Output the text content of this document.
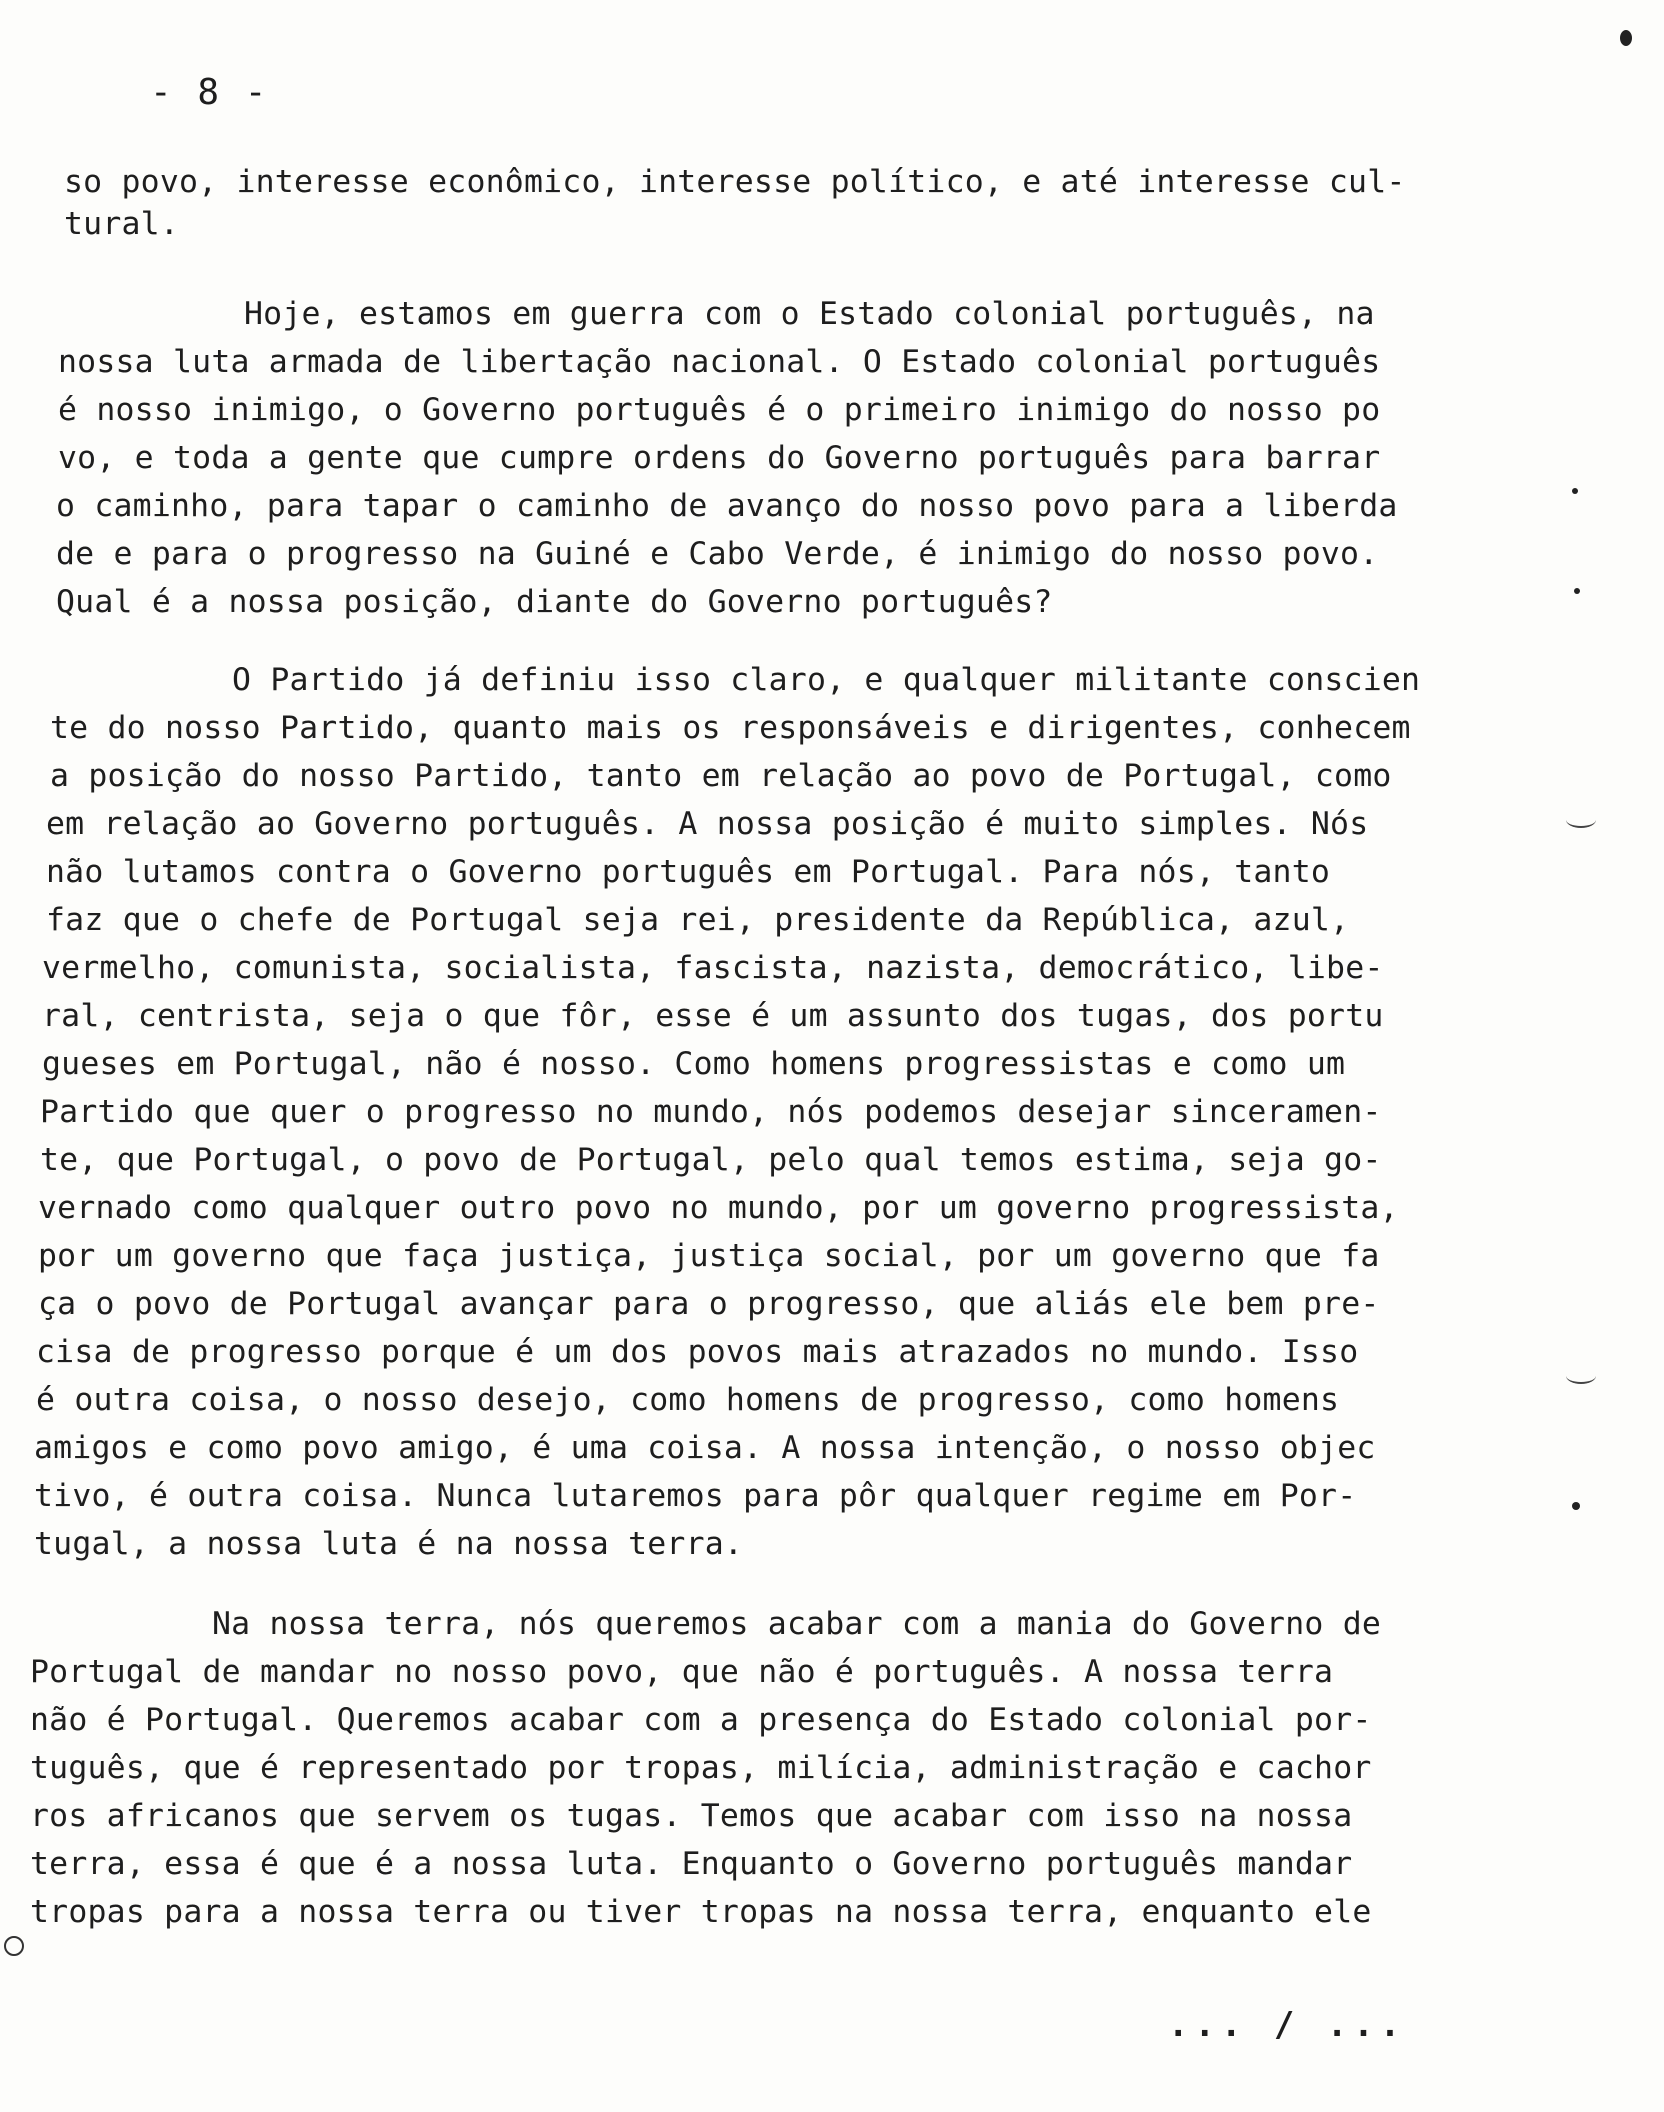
- 8 -
so povo, interesse econômico, interesse político, e até interesse cul-
tural.
Hoje, estamos em guerra com o Estado colonial português, na
nossa luta armada de libertação nacional. O Estado colonial português
é nosso inimigo, o Governo português é o primeiro inimigo do nosso po
vo, e toda a gente que cumpre ordens do Governo português para barrar
o caminho, para tapar o caminho de avanço do nosso povo para a liberda
de e para o progresso na Guiné e Cabo Verde, é inimigo do nosso povo.
Qual é a nossa posição, diante do Governo português?
O Partido já definiu isso claro, e qualquer militante conscien
te do nosso Partido, quanto mais os responsáveis e dirigentes, conhecem
a posição do nosso Partido, tanto em relação ao povo de Portugal, como
em relação ao Governo português. A nossa posição é muito simples. Nós
não lutamos contra o Governo português em Portugal. Para nós, tanto
faz que o chefe de Portugal seja rei, presidente da República, azul,
vermelho, comunista, socialista, fascista, nazista, democrático, libe-
ral, centrista, seja o que fôr, esse é um assunto dos tugas, dos portu
gueses em Portugal, não é nosso. Como homens progressistas e como um
Partido que quer o progresso no mundo, nós podemos desejar sinceramen-
te, que Portugal, o povo de Portugal, pelo qual temos estima, seja go-
vernado como qualquer outro povo no mundo, por um governo progressista,
por um governo que faça justiça, justiça social, por um governo que fa
ça o povo de Portugal avançar para o progresso, que aliás ele bem pre-
cisa de progresso porque é um dos povos mais atrazados no mundo. Isso
é outra coisa, o nosso desejo, como homens de progresso, como homens
amigos e como povo amigo, é uma coisa. A nossa intenção, o nosso objec
tivo, é outra coisa. Nunca lutaremos para pôr qualquer regime em Por-
tugal, a nossa luta é na nossa terra.
Na nossa terra, nós queremos acabar com a mania do Governo de
Portugal de mandar no nosso povo, que não é português. A nossa terra
não é Portugal. Queremos acabar com a presença do Estado colonial por-
tuguês, que é representado por tropas, milícia, administração e cachor
ros africanos que servem os tugas. Temos que acabar com isso na nossa
terra, essa é que é a nossa luta. Enquanto o Governo português mandar
tropas para a nossa terra ou tiver tropas na nossa terra, enquanto ele
... / ...
